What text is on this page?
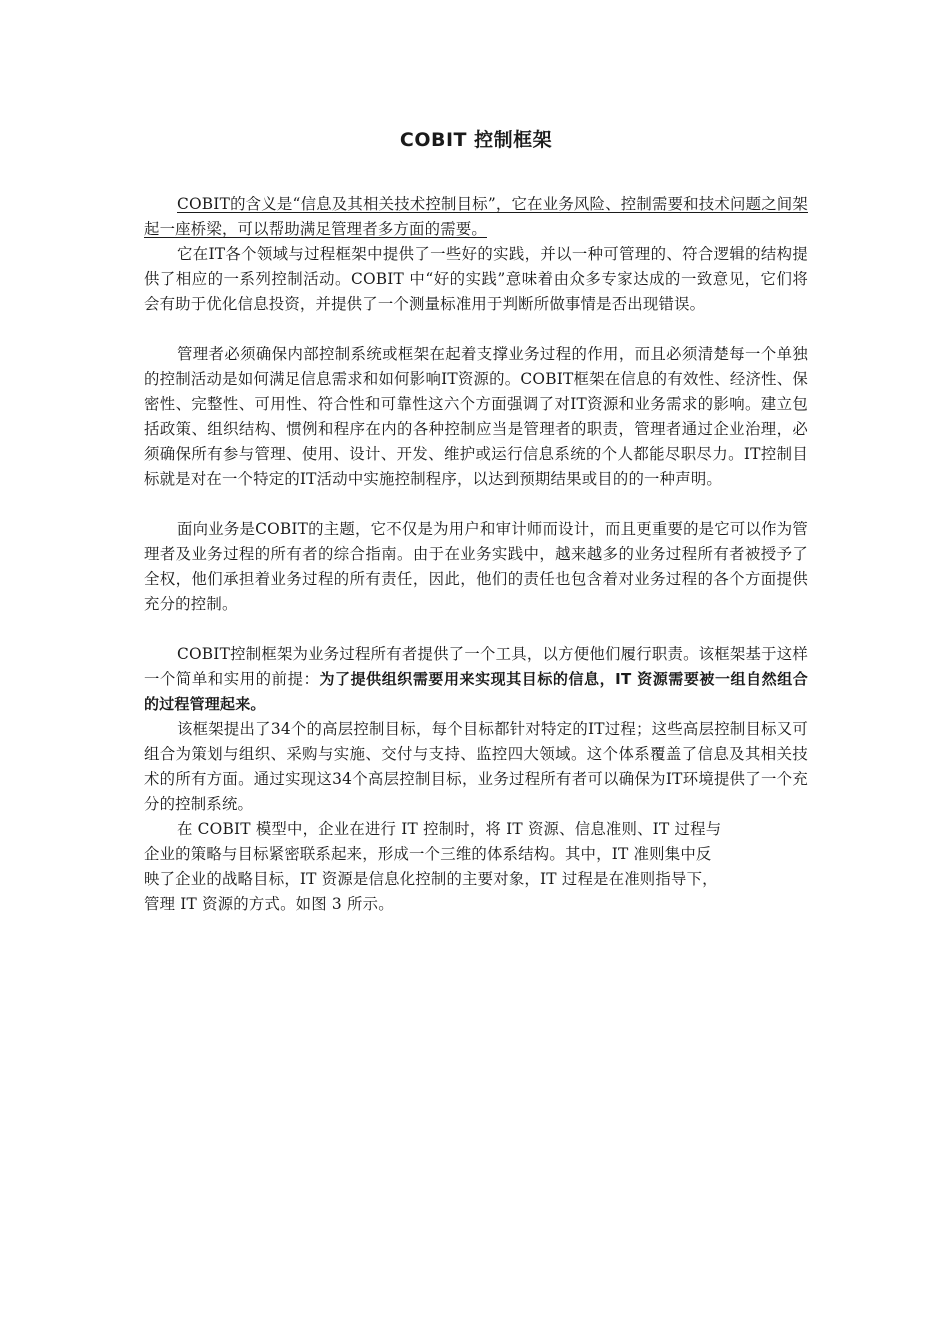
COBIT 控制框架

COBIT的含义是“信息及其相关技术控制目标”，它在业务风险、控制需要和技术问题之间架起一座桥梁，可以帮助满足管理者多方面的需要。

它在IT各个领域与过程框架中提供了一些好的实践，并以一种可管理的、符合逻辑的结构提供了相应的一系列控制活动。COBIT 中“好的实践”意味着由众多专家达成的一致意见，它们将会有助于优化信息投资，并提供了一个测量标准用于判断所做事情是否出现错误。

管理者必须确保内部控制系统或框架在起着支撑业务过程的作用，而且必须清楚每一个单独的控制活动是如何满足信息需求和如何影响IT资源的。COBIT框架在信息的有效性、经济性、保密性、完整性、可用性、符合性和可靠性这六个方面强调了对IT资源和业务需求的影响。建立包括政策、组织结构、惯例和程序在内的各种控制应当是管理者的职责，管理者通过企业治理，必须确保所有参与管理、使用、设计、开发、维护或运行信息系统的个人都能尽职尽力。IT控制目标就是对在一个特定的IT活动中实施控制程序，以达到预期结果或目的的一种声明。

面向业务是COBIT的主题，它不仅是为用户和审计师而设计，而且更重要的是它可以作为管理者及业务过程的所有者的综合指南。由于在业务实践中，越来越多的业务过程所有者被授予了全权，他们承担着业务过程的所有责任，因此，他们的责任也包含着对业务过程的各个方面提供充分的控制。

COBIT控制框架为业务过程所有者提供了一个工具，以方便他们履行职责。该框架基于这样一个简单和实用的前提：为了提供组织需要用来实现其目标的信息，IT 资源需要被一组自然组合的过程管理起来。

该框架提出了34个的高层控制目标，每个目标都针对特定的IT过程；这些高层控制目标又可组合为策划与组织、采购与实施、交付与支持、监控四大领域。这个体系覆盖了信息及其相关技术的所有方面。通过实现这34个高层控制目标，业务过程所有者可以确保为IT环境提供了一个充分的控制系统。

在 COBIT 模型中，企业在进行 IT 控制时，将 IT 资源、信息准则、IT 过程与
企业的策略与目标紧密联系起来，形成一个三维的体系结构。其中，IT 准则集中反
映了企业的战略目标，IT 资源是信息化控制的主要对象，IT 过程是在准则指导下，
管理 IT 资源的方式。如图 3 所示。
